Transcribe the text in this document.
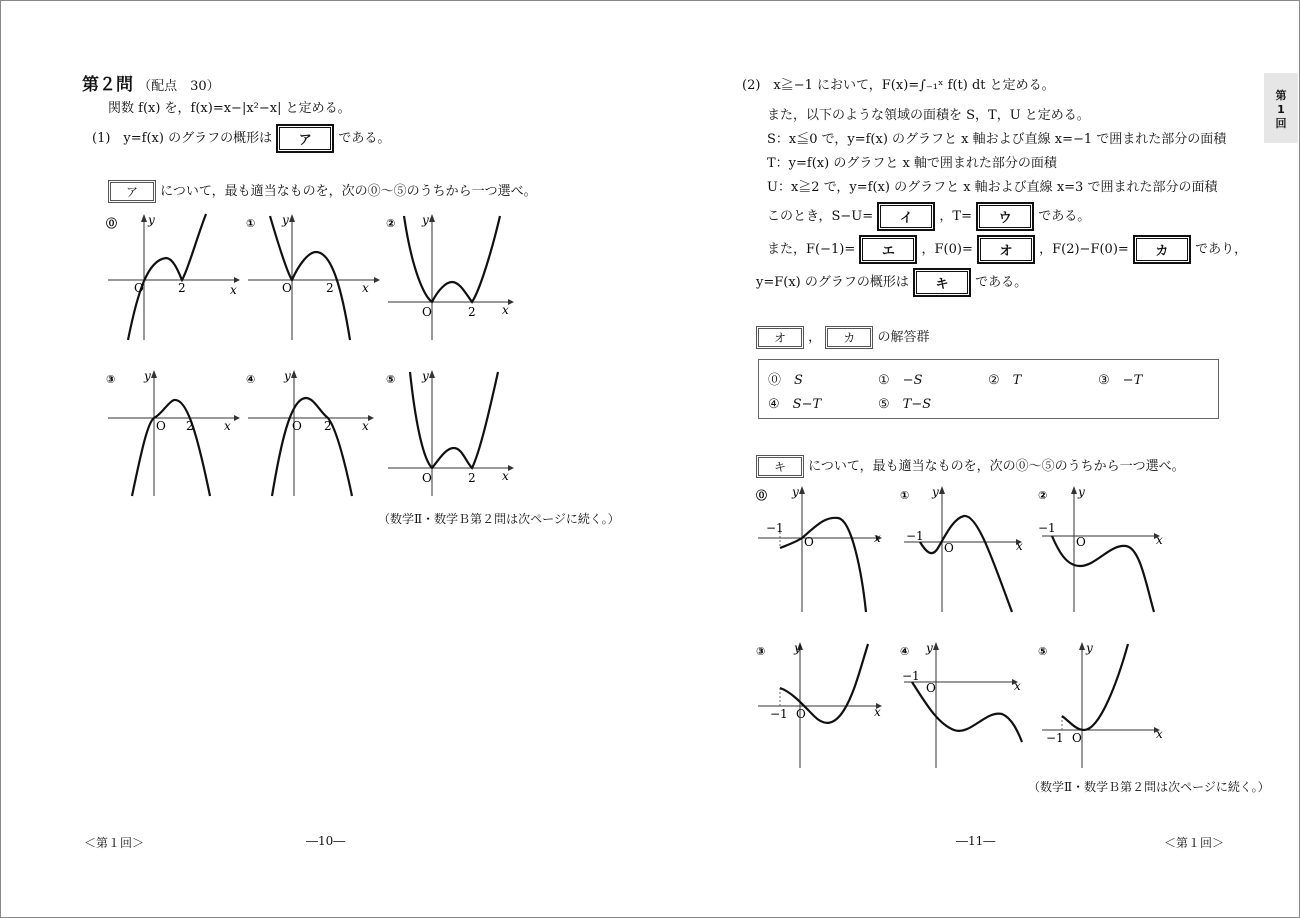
第２問 （配点　30）
関数 f(x) を，f(x)=x−|x²−x| と定める。
(1)　y=f(x) のグラフの概形は ア である。
ア について，最も適当なものを，次の⓪～⑤のうちから一つ選べ。
⓪
x
y
O	2
①
x
y
O	2
②
x
y
O	2
③
x
y
O 2
④
x
y
O 2
⑤
x
y
O	2
（数学Ⅱ・数学Ｂ第２問は次ページに続く。）
＜第１回＞	―10―
(2)　x≧−1 において，F(x)=∫₋₁ˣ f(t) dt と定める。
また，以下のような領域の面積を S，T，U と定める。
S：x≦0 で，y=f(x) のグラフと x 軸および直線 x=−1 で囲まれた部分の面積
T：y=f(x) のグラフと x 軸で囲まれた部分の面積
U：x≧2 で，y=f(x) のグラフと x 軸および直線 x=3 で囲まれた部分の面積
このとき，S−U= イ ，T= ウ である。
また，F(−1)= エ ，F(0)= オ ，F(2)−F(0)= カ であり，
y=F(x) のグラフの概形は キ である。
オ ， カ の解答群
⓪　 S	①　 −S	②　 T	③　 −T
④　 S−T	⑤　 T−S
キ について，最も適当なものを，次の⓪～⑤のうちから一つ選べ。
⓪
x
y
O
−1
①
x
y
O
−1
②
x
y
O
−1
③
x
y
O
−1
④
x
y
O
−1
⑤
x
y
O
−1
（数学Ⅱ・数学Ｂ第２問は次ページに続く。）
―11―	＜第１回＞
第
1
回
